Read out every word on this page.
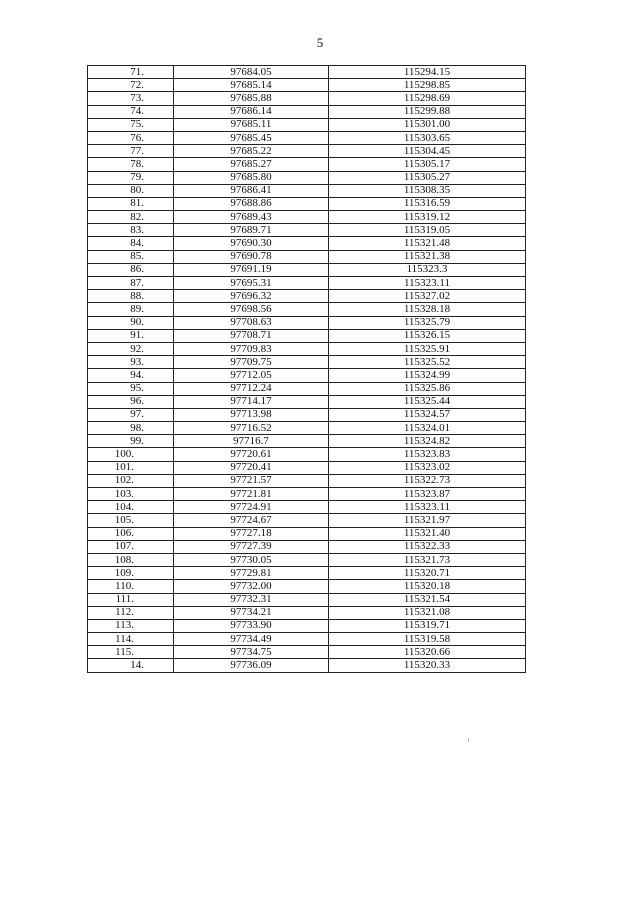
5
71.	97684.05	115294.15
72.	97685.14	115298.85
73.	97685.88	115298.69
74.	97686.14	115299.88
75.	97685.11	115301.00
76.	97685.45	115303.65
77.	97685.22	115304.45
78.	97685.27	115305.17
79.	97685.80	115305.27
80.	97686.41	115308.35
81.	97688.86	115316.59
82.	97689.43	115319.12
83.	97689.71	115319.05
84.	97690.30	115321.48
85.	97690.78	115321.38
86.	97691.19	115323.3
87.	97695.31	115323.11
88.	97696.32	115327.02
89.	97698.56	115328.18
90.	97708.63	115325.79
91.	97708.71	115326.15
92.	97709.83	115325.91
93.	97709.75	115325.52
94.	97712.05	115324.99
95.	97712.24	115325.86
96.	97714.17	115325.44
97.	97713.98	115324.57
98.	97716.52	115324.01
99.	97716.7	115324.82
100.	97720.61	115323.83
101.	97720.41	115323.02
102.	97721.57	115322.73
103.	97721.81	115323.87
104.	97724.91	115323.11
105.	97724.67	115321.97
106.	97727.18	115321.40
107.	97727.39	115322.33
108.	97730.05	115321.73
109.	97729.81	115320.71
110.	97732.00	115320.18
111.	97732.31	115321.54
112.	97734.21	115321.08
113.	97733.90	115319.71
114.	97734.49	115319.58
115.	97734.75	115320.66
14.	97736.09	115320.33
